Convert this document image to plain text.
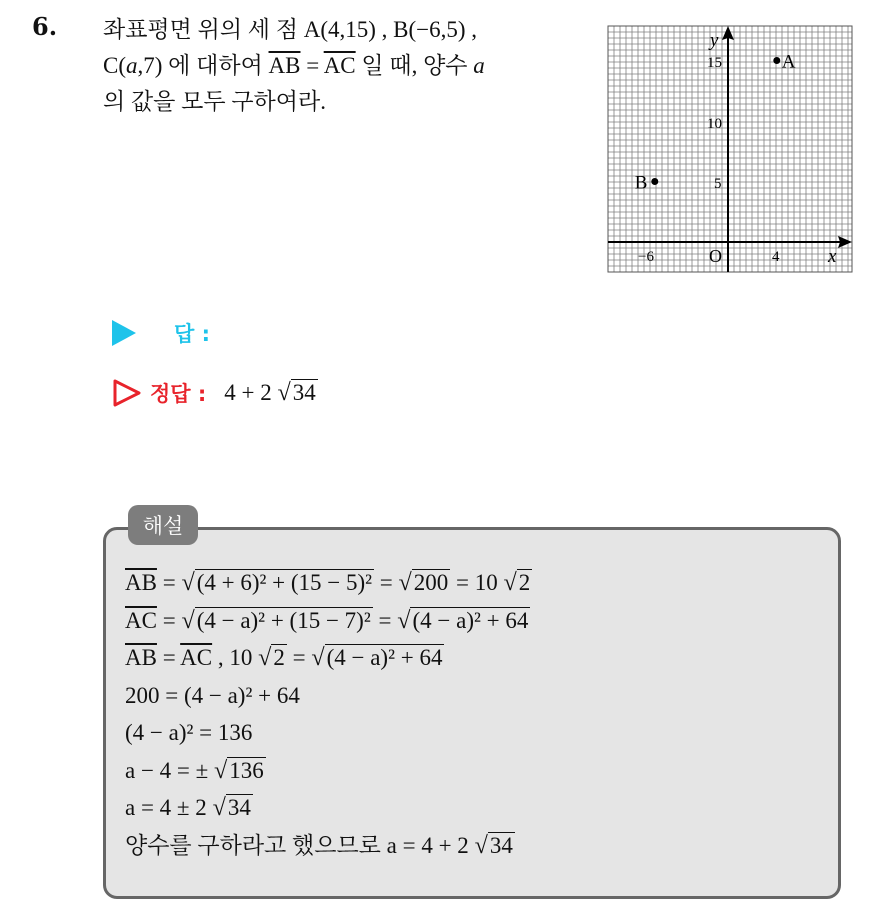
6. 좌표평면 위의 세 점 A(4,15) , B(−6,5) ,
C(a,7) 에 대하여 $\overline{AB} = \overline{AC}$ 일 때, 양수 a
의 값을 모두 구하여라.
y
x
O
15
10
5
−6	4
A
B
답 :
정답 : 4 + 2 √34
해설
$\overline{AB} = √(4 + 6)^2 + (15 - 5)^2 = √200 = 10$ √2
$\overline{AC} = √(4 - a)^2 + (15 - 7)^2 = √(4 - a)^2 + 64$
$\overline{AB} = \overline{AC}$ , 10 √2 = √(4 − a)² + 64
200 = (4 − a)² + 64
(4 − a)² = 136
a − 4 = ± √136
a = 4 ± 2 √34
양수를 구하라고 했으므로 a = 4 + 2 √34
